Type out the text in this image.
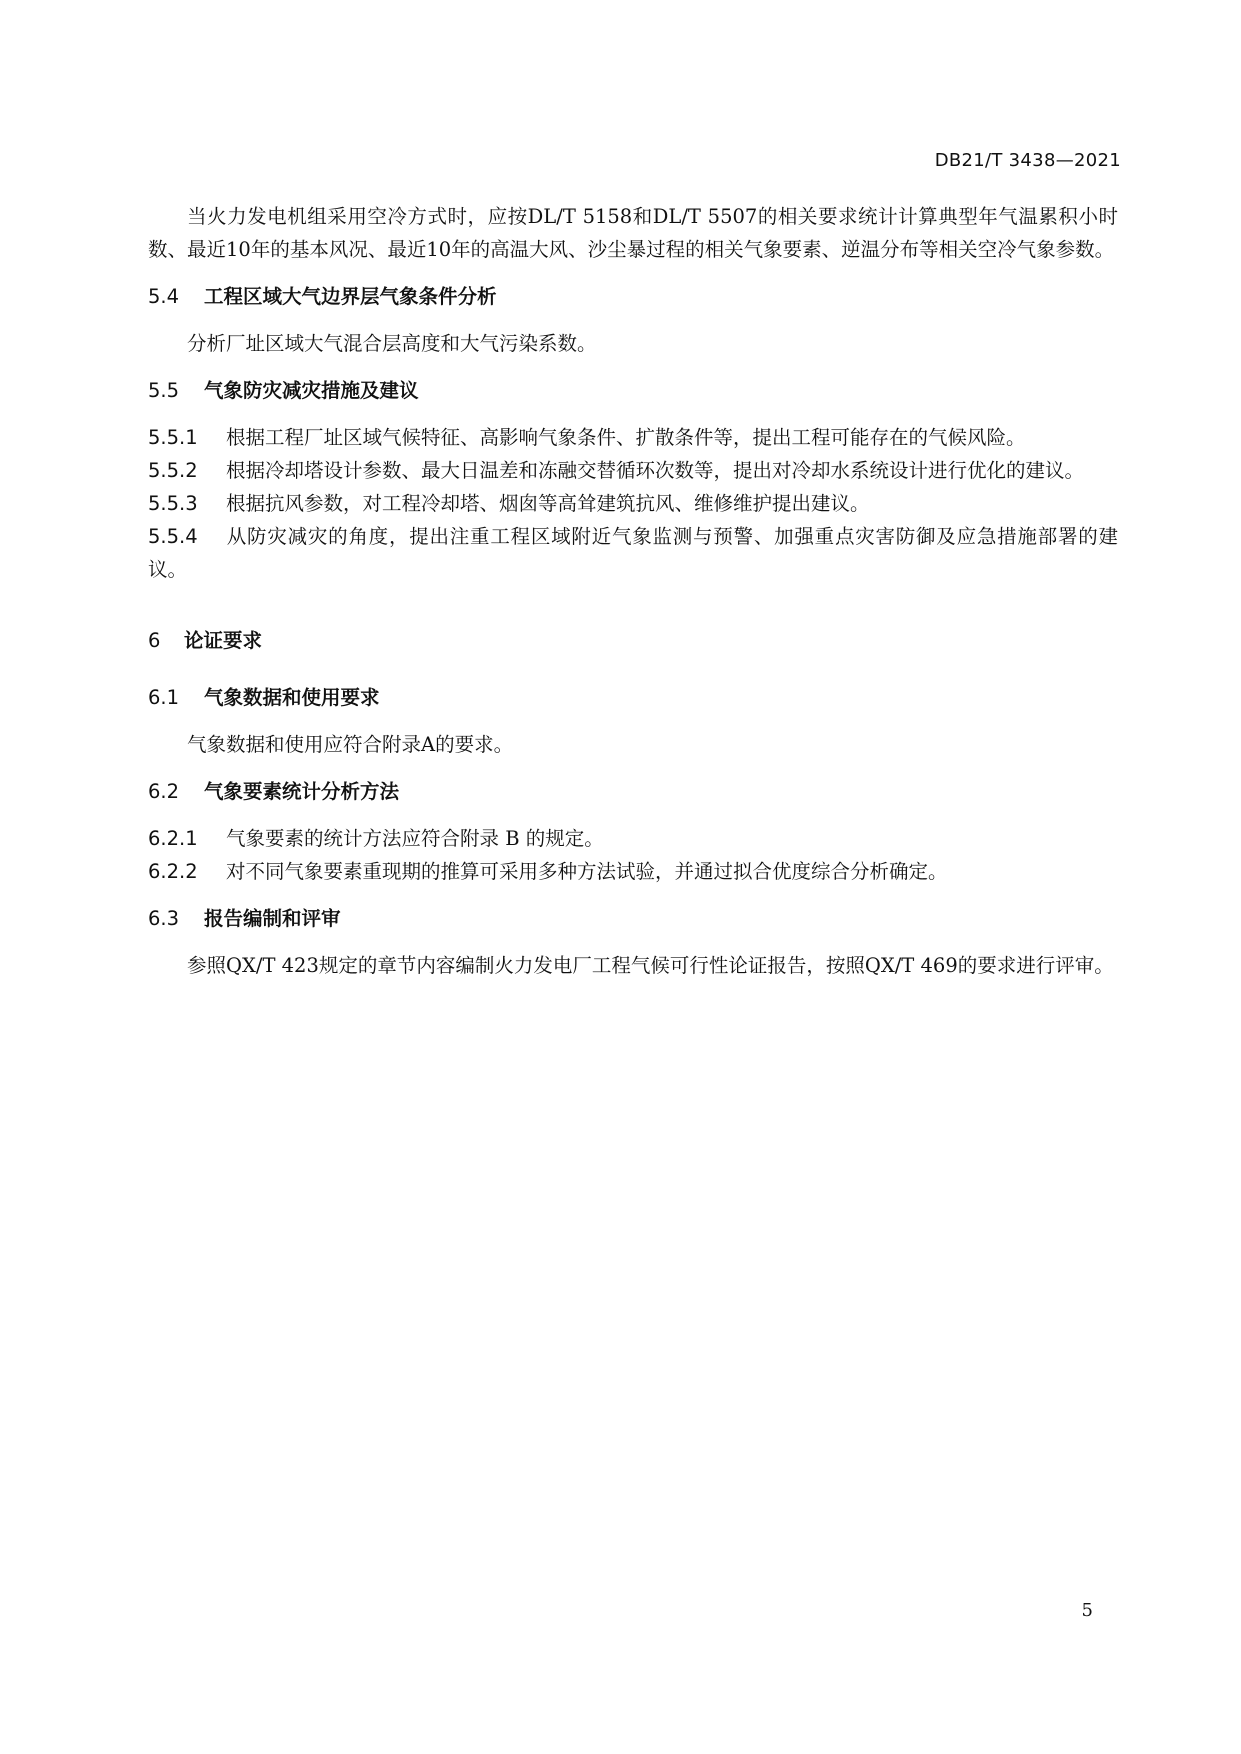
DB21/T 3438—2021

当火力发电机组采用空冷方式时，应按DL/T 5158和DL/T 5507的相关要求统计计算典型年气温累积小时数、最近10年的基本风况、最近10年的高温大风、沙尘暴过程的相关气象要素、逆温分布等相关空冷气象参数。

5.4	工程区域大气边界层气象条件分析

分析厂址区域大气混合层高度和大气污染系数。

5.5	气象防灾减灾措施及建议

5.5.1 根据工程厂址区域气候特征、高影响气象条件、扩散条件等，提出工程可能存在的气候风险。

5.5.2 根据冷却塔设计参数、最大日温差和冻融交替循环次数等，提出对冷却水系统设计进行优化的建议。

5.5.3 根据抗风参数，对工程冷却塔、烟囱等高耸建筑抗风、维修维护提出建议。

5.5.4 从防灾减灾的角度，提出注重工程区域附近气象监测与预警、加强重点灾害防御及应急措施部署的建议。

6	论证要求
6.1	气象数据和使用要求

气象数据和使用应符合附录A的要求。

6.2	气象要素统计分析方法

6.2.1 气象要素的统计方法应符合附录 B 的规定。

6.2.2 对不同气象要素重现期的推算可采用多种方法试验，并通过拟合优度综合分析确定。

6.3	报告编制和评审

参照QX/T 423规定的章节内容编制火力发电厂工程气候可行性论证报告，按照QX/T 469的要求进行评审。

5
